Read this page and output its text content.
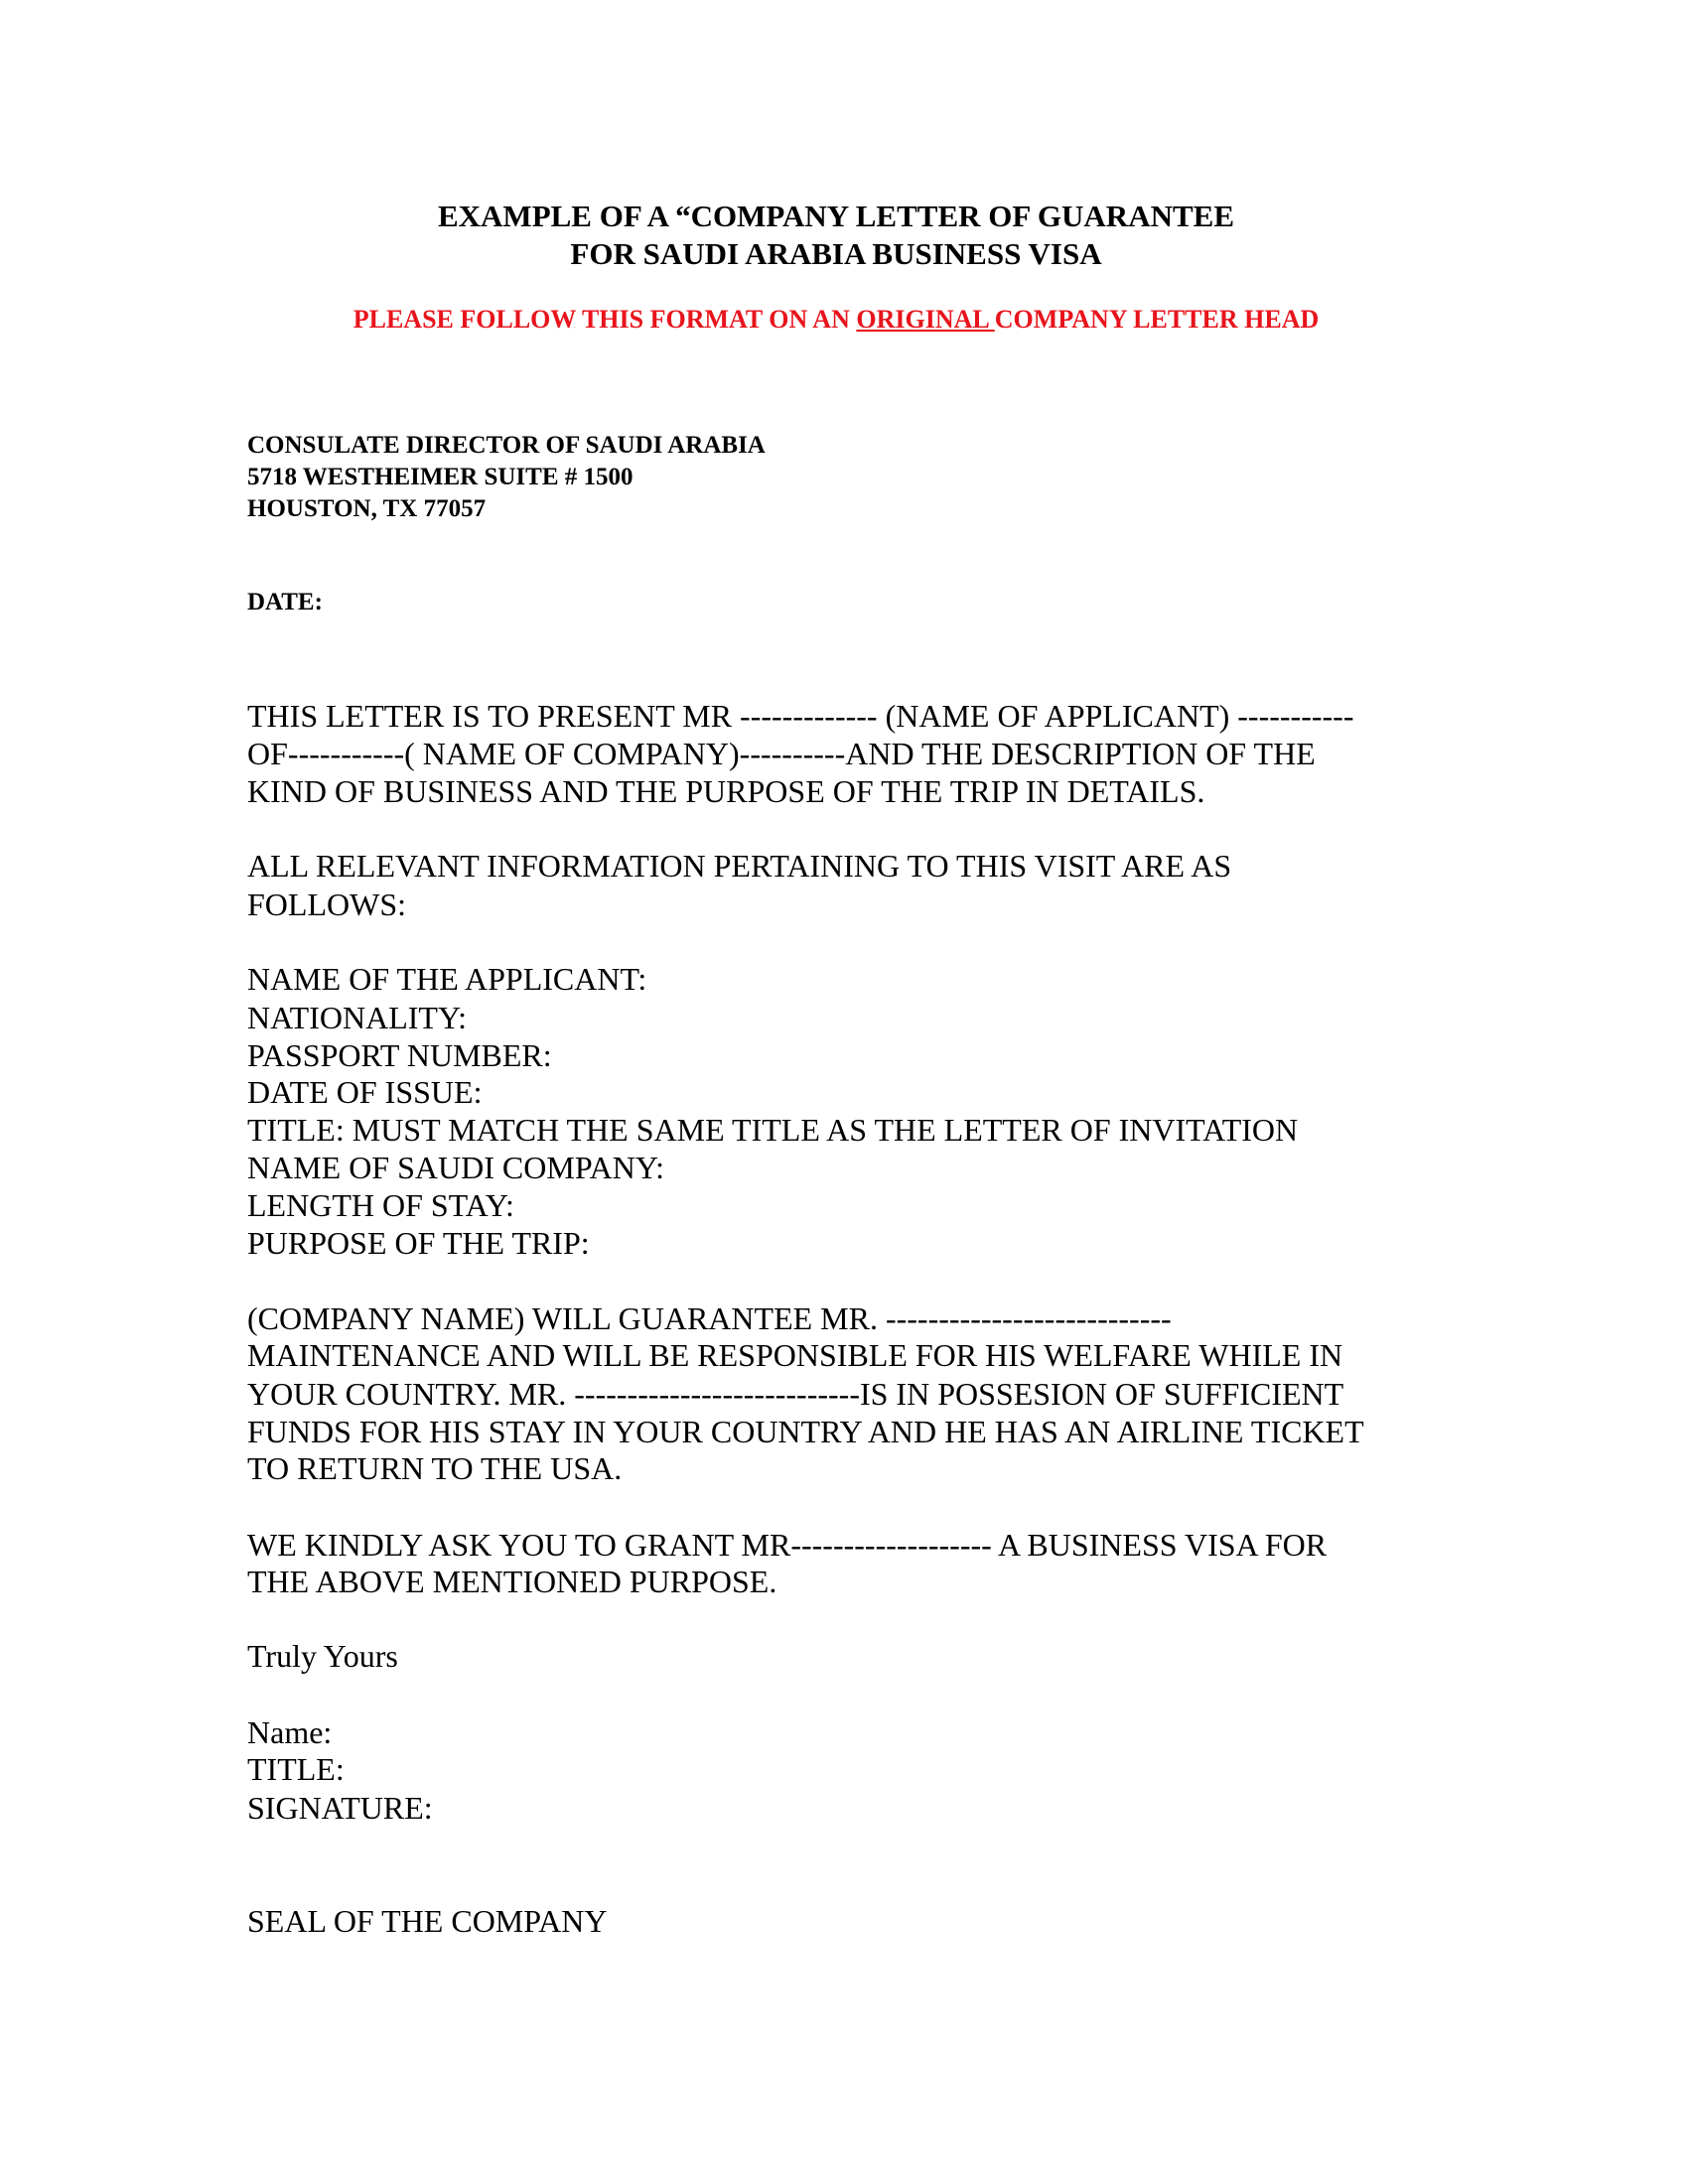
EXAMPLE OF A “COMPANY LETTER OF GUARANTEE
FOR SAUDI ARABIA BUSINESS VISA
PLEASE FOLLOW THIS FORMAT ON AN ORIGINAL COMPANY LETTER HEAD
CONSULATE DIRECTOR OF SAUDI ARABIA
5718 WESTHEIMER SUITE # 1500
HOUSTON, TX 77057
DATE:
THIS LETTER IS TO PRESENT MR ------------- (NAME OF APPLICANT) -----------
OF-----------( NAME OF COMPANY)----------AND THE DESCRIPTION OF THE
KIND OF BUSINESS AND THE PURPOSE OF THE TRIP IN DETAILS.
ALL RELEVANT INFORMATION PERTAINING TO THIS VISIT ARE AS
FOLLOWS:
NAME OF THE APPLICANT:
NATIONALITY:
PASSPORT NUMBER:
DATE OF ISSUE:
TITLE: MUST MATCH THE SAME TITLE AS THE LETTER OF INVITATION
NAME OF SAUDI COMPANY:
LENGTH OF STAY:
PURPOSE OF THE TRIP:
(COMPANY NAME) WILL GUARANTEE MR. ---------------------------
MAINTENANCE AND WILL BE RESPONSIBLE FOR HIS WELFARE WHILE IN
YOUR COUNTRY. MR. ---------------------------IS IN POSSESION OF SUFFICIENT
FUNDS FOR HIS STAY IN YOUR COUNTRY AND HE HAS AN AIRLINE TICKET
TO RETURN TO THE USA.
WE KINDLY ASK YOU TO GRANT MR------------------- A BUSINESS VISA FOR
THE ABOVE MENTIONED PURPOSE.
Truly Yours
Name:
TITLE:
SIGNATURE:
SEAL OF THE COMPANY
